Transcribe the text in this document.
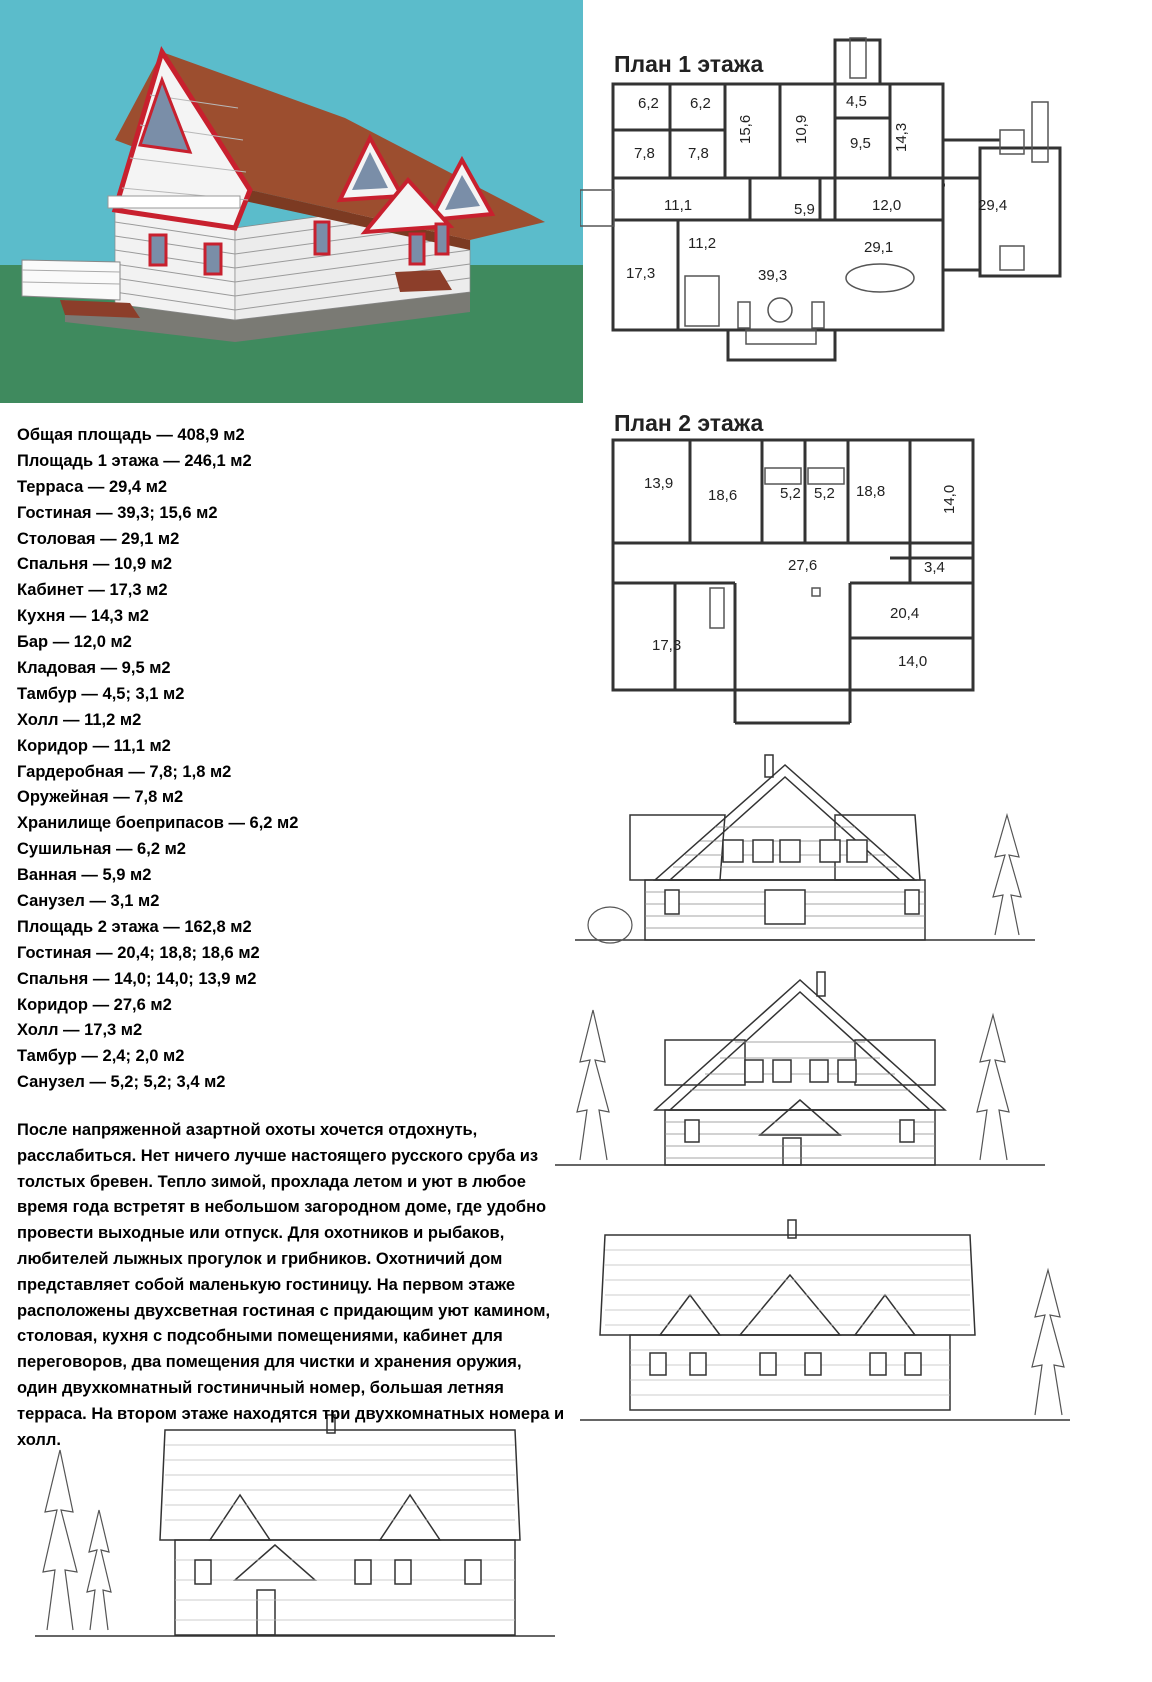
План 1 этажа
6,2 6,2
15,6	10,9
4,5
9,5 14,3
7,8 7,8
11,1	5,9	12,0	29,4
11,2	29,1
17,3	39,3
План 2 этажа
13,9
18,6	5,2 5,2 18,8	14,0
27,6	3,4
20,4
17,3
14,0
Общая площадь — 408,9 м2
Площадь 1 этажа — 246,1 м2
Терраса — 29,4 м2
Гостиная — 39,3; 15,6 м2
Столовая — 29,1 м2
Спальня — 10,9 м2
Кабинет — 17,3 м2
Кухня — 14,3 м2
Бар — 12,0 м2
Кладовая — 9,5 м2
Тамбур — 4,5; 3,1 м2
Холл — 11,2 м2
Коридор — 11,1 м2
Гардеробная — 7,8; 1,8 м2
Оружейная — 7,8 м2
Хранилище боеприпасов — 6,2 м2
Сушильная — 6,2 м2
Ванная — 5,9 м2
Санузел — 3,1 м2
Площадь 2 этажа — 162,8 м2
Гостиная — 20,4; 18,8; 18,6 м2
Спальня — 14,0; 14,0; 13,9 м2
Коридор — 27,6 м2
Холл — 17,3 м2
Тамбур — 2,4; 2,0 м2
Санузел — 5,2; 5,2; 3,4 м2
После напряженной азартной охоты хочется отдохнуть,
расслабиться. Нет ничего лучше настоящего русского сруба из
толстых бревен. Тепло зимой, прохлада летом и уют в любое
время года встретят в небольшом загородном доме, где удобно
провести выходные или отпуск. Для охотников и рыбаков,
любителей лыжных прогулок и грибников. Охотничий дом
представляет собой маленькую гостиницу. На первом этаже
расположены двухсветная гостиная с придающим уют камином,
столовая, кухня с подсобными помещениями, кабинет для
переговоров, два помещения для чистки и хранения оружия,
один двухкомнатный гостиничный номер, большая летняя
терраса. На втором этаже находятся три двухкомнатных номера и
холл.
